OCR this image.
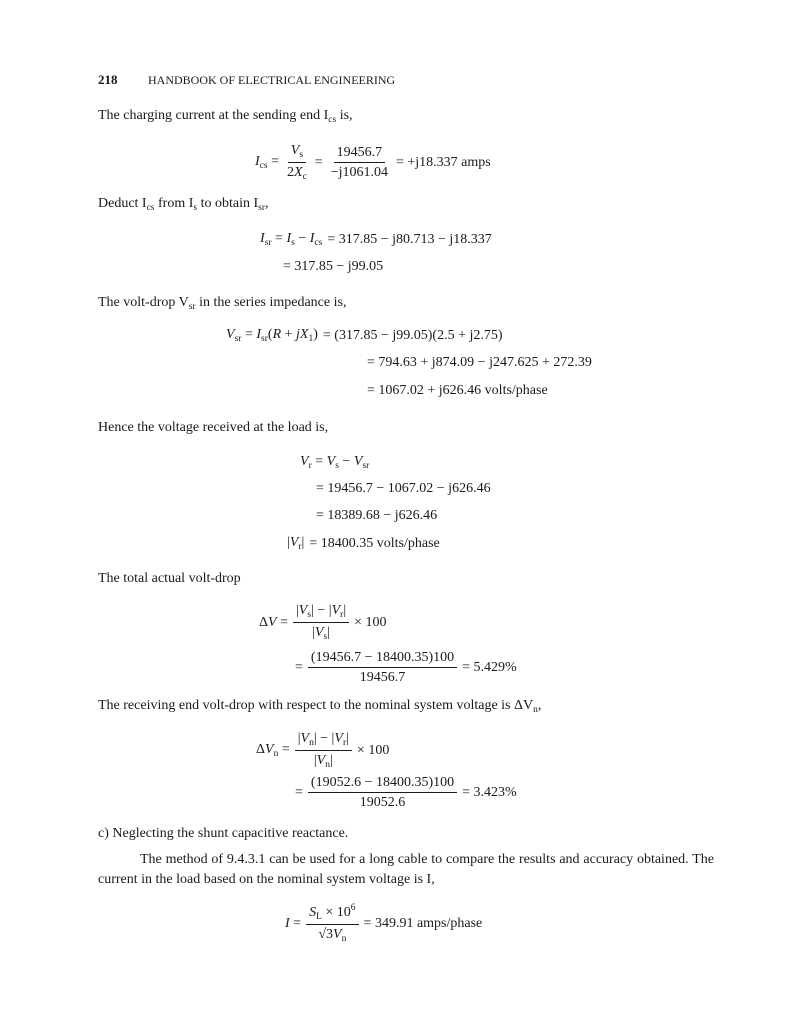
218	HANDBOOK OF ELECTRICAL ENGINEERING
The charging current at the sending end $I_{cs}$ is,
$I_{cs} = \frac{V_s}{2X_c} = \frac{19456.7}{-j1061.04} = +j18.337$ amps
Deduct $I_{cs}$ from $I_s$ to obtain $I_{sr}$,
$I_{sr} = I_s - I_{cs} = 317.85 - j80.713 - j18.337$
= 317.85 − j99.05
The volt-drop $V_{sr}$ in the series impedance is,
$V_{sr} = I_{sr}(R + jX_1) = (317.85 - j99.05)(2.5 + j2.75)$
= 794.63 + j874.09 − j247.625 + 272.39
= 1067.02 + j626.46 volts/phase
Hence the voltage received at the load is,
$V_r = V_s - V_{sr}$
= 19456.7 − 1067.02 − j626.46
= 18389.68 − j626.46
$|V_r| = 18400.35$ volts/phase
The total actual volt-drop
$\Delta V = \frac{|V_s| - |V_r|}{|V_s|} \times 100$
= $\frac{(19456.7 - 18400.35)100}{19456.7} = 5.429\%$
The receiving end volt-drop with respect to the nominal system voltage is $\Delta V_n$,
$\Delta V_n = \frac{|V_n| - |V_r|}{|V_n|} \times 100$
= $\frac{(19052.6 - 18400.35)100}{19052.6} = 3.423\%$
c) Neglecting the shunt capacitive reactance.
The method of 9.4.3.1 can be used for a long cable to compare the results and accuracy obtained. The current in the load based on the nominal system voltage is I,
$I = \frac{S_L \times 10^6}{√3V_n} = 349.91$ amps/phase
